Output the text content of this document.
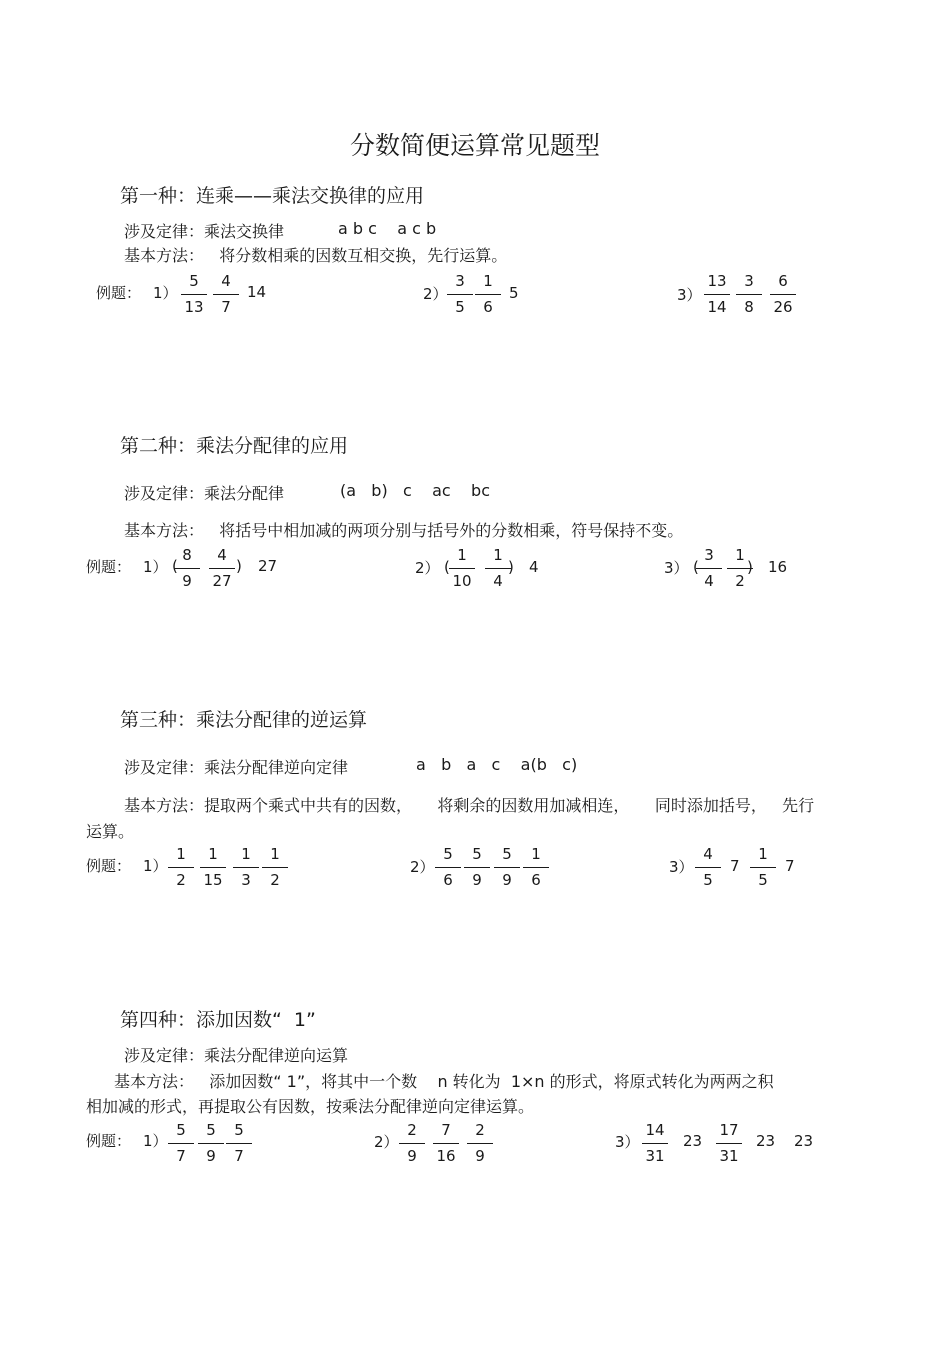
分数简便运算常见题型
第一种：连乘——乘法交换律的应用
涉及定律：乘法交换律	a b c    a c b
基本方法：   将分数相乘的因数互相交换，先行运算。
例题： 1）
5
13
4
7
14	2）
3
5
1
6
5	3）
13
14
3
8
6
26
第二种：乘法分配律的应用
涉及定律：乘法分配律	(a   b)   c    ac    bc
基本方法：   将括号中相加减的两项分别与括号外的分数相乘，符号保持不变。
例题： 1） (
8
9
4
27
) 27	2） (
1
10
1
4
) 4	3） (
3
4
1
2
) 16
第三种：乘法分配律的逆运算
涉及定律：乘法分配律逆向定律	a   b   a   c    a(b   c)
基本方法：提取两个乘式中共有的因数，     将剩余的因数用加减相连，     同时添加括号，   先行
运算。
例题： 1）
1
2
1
15
1
3
1
2
2）
5
6
5
9
5
9
1
6
3）
4
5
7
1
5
7
第四种：添加因数“  1”
涉及定律：乘法分配律逆向运算
基本方法：   添加因数“ 1”，将其中一个数    n 转化为  1×n 的形式，将原式转化为两两之积
相加减的形式，再提取公有因数，按乘法分配律逆向定律运算。
例题： 1）
5
7
5
9
5
7
2）
2
9
7
16
2
9
3）
14
31
23
17
31
23 23
